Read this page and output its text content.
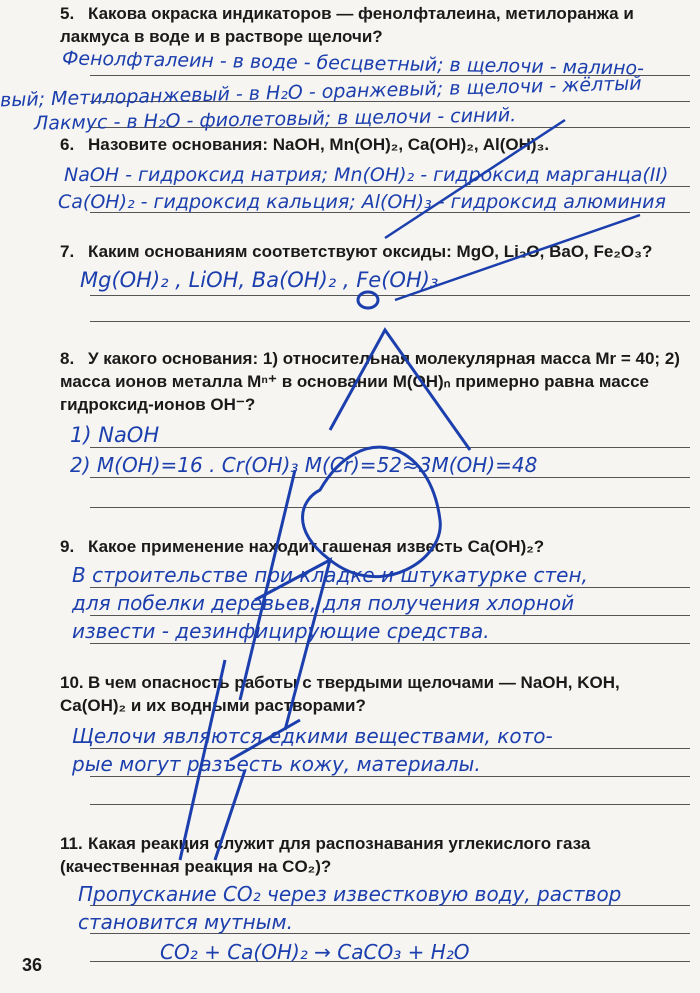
5. Какова окраска индикаторов — фенолфталеина, метилоранжа и лакмуса в воде и в растворе щелочи?
Фенолфталеин - в воде - бесцветный; в щелочи - малино-
вый; Метилоранжевый - в H₂O - оранжевый; в щелочи - жёлтый
Лакмус - в H₂O - фиолетовый; в щелочи - синий.
6. Назовите основания: NaOH, Mn(OH)₂, Ca(OH)₂, Al(OH)₃.
NaOH - гидроксид натрия; Mn(OH)₂ - гидроксид марганца(II)
Ca(OH)₂ - гидроксид кальция; Al(OH)₃ - гидроксид алюминия
7. Каким основаниям соответствуют оксиды: MgO, Li₂O, BaO, Fe₂O₃?
Mg(OH)₂ , LiOH, Ba(OH)₂ , Fe(OH)₃
8. У какого основания: 1) относительная молекулярная масса Mr = 40; 2) масса ионов металла Mⁿ⁺ в основании M(OH)ₙ примерно равна массе гидроксид-ионов OH⁻?
1) NaOH
2) M(OH)=16 . Cr(OH)₃ M(Cr)=52≈3M(OH)=48
9. Какое применение находит гашеная известь Ca(OH)₂?
В строительстве при кладке и штукатурке стен,
для побелки деревьев, для получения хлорной
извести - дезинфицирующие средства.
10. В чем опасность работы с твердыми щелочами — NaOH, KOH, Ca(OH)₂ и их водными растворами?
Щелочи являются едкими веществами, кото-
рые могут разъесть кожу, материалы.
11. Какая реакция служит для распознавания углекислого газа (качественная реакция на CO₂)?
Пропускание CO₂ через известковую воду, раствор
становится мутным.
CO₂ + Ca(OH)₂ → CaCO₃ + H₂O
36
